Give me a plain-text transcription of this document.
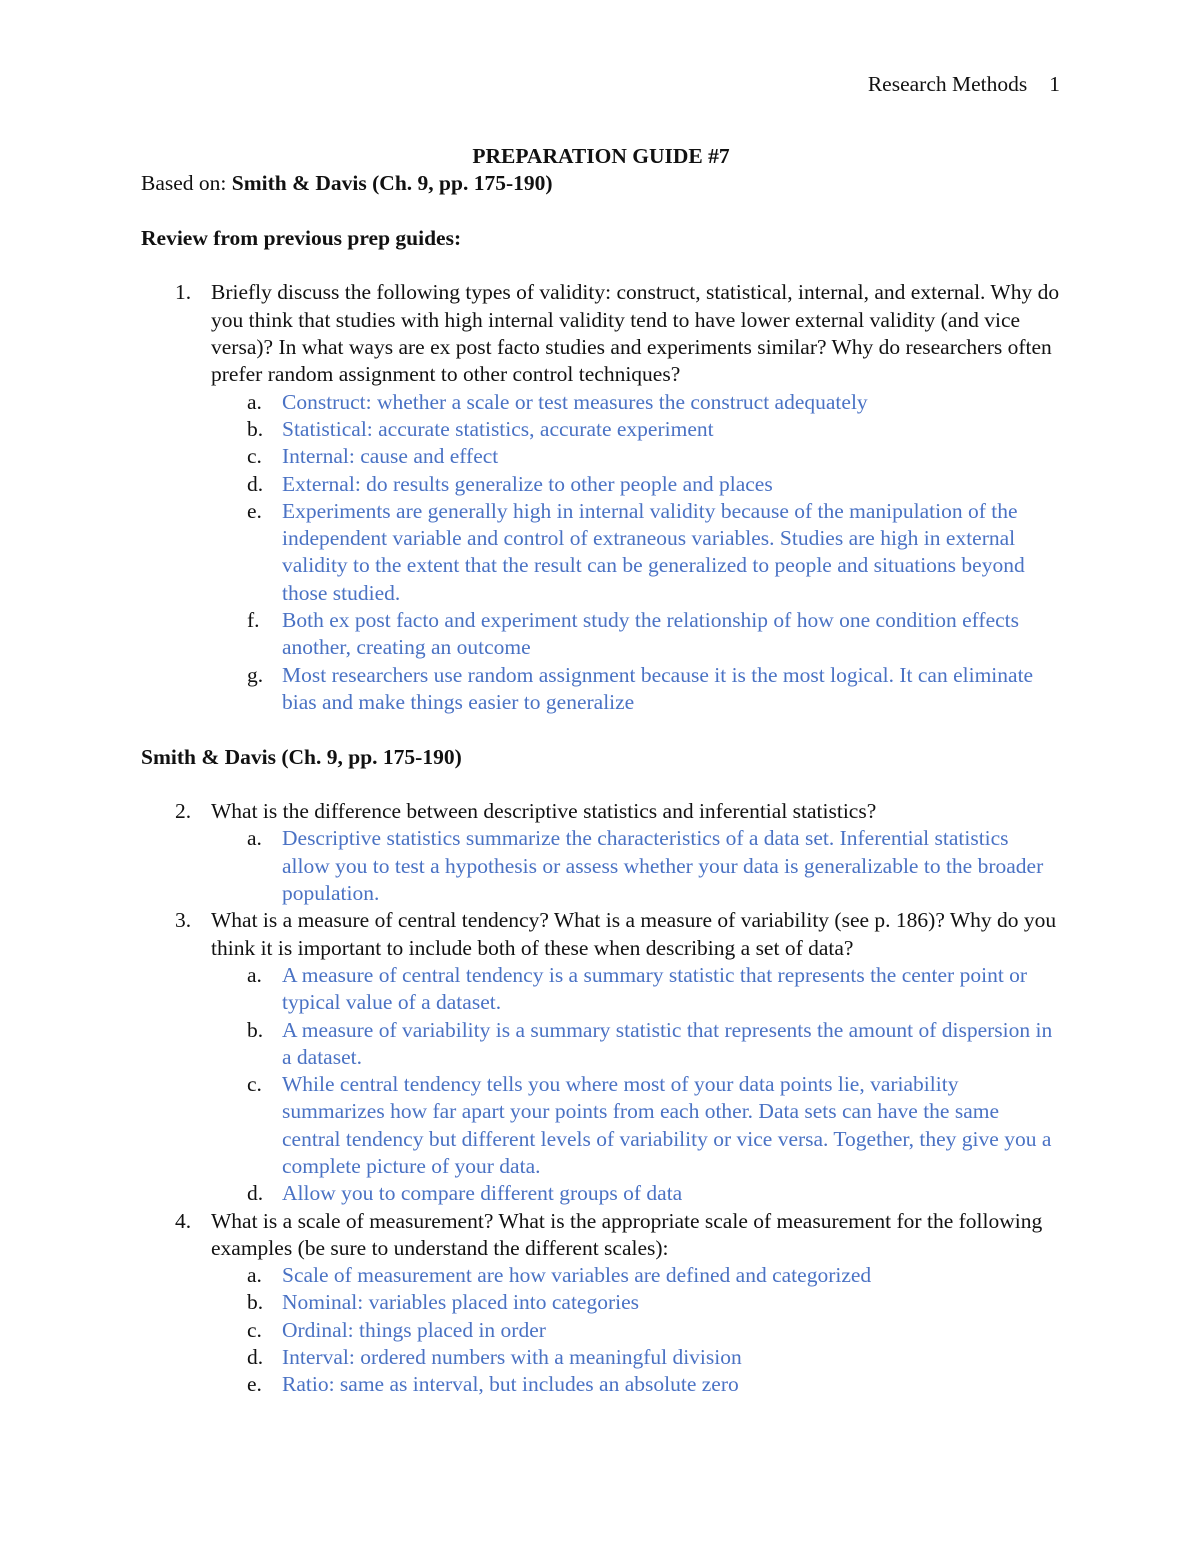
Research Methods 1
PREPARATION GUIDE #7
Based on: Smith & Davis (Ch. 9, pp. 175-190)
Review from previous prep guides:
1. Briefly discuss the following types of validity: construct, statistical, internal, and external. Why do you think that studies with high internal validity tend to have lower external validity (and vice versa)? In what ways are ex post facto studies and experiments similar? Why do researchers often prefer random assignment to other control techniques?
a. Construct: whether a scale or test measures the construct adequately
b. Statistical: accurate statistics, accurate experiment
c. Internal: cause and effect
d. External: do results generalize to other people and places
e. Experiments are generally high in internal validity because of the manipulation of the independent variable and control of extraneous variables. Studies are high in external validity to the extent that the result can be generalized to people and situations beyond those studied.
f. Both ex post facto and experiment study the relationship of how one condition effects another, creating an outcome
g. Most researchers use random assignment because it is the most logical. It can eliminate bias and make things easier to generalize
Smith & Davis (Ch. 9, pp. 175-190)
2. What is the difference between descriptive statistics and inferential statistics?
a. Descriptive statistics summarize the characteristics of a data set. Inferential statistics allow you to test a hypothesis or assess whether your data is generalizable to the broader population.
3. What is a measure of central tendency? What is a measure of variability (see p. 186)? Why do you think it is important to include both of these when describing a set of data?
a. A measure of central tendency is a summary statistic that represents the center point or typical value of a dataset.
b. A measure of variability is a summary statistic that represents the amount of dispersion in a dataset.
c. While central tendency tells you where most of your data points lie, variability summarizes how far apart your points from each other. Data sets can have the same central tendency but different levels of variability or vice versa. Together, they give you a complete picture of your data.
d. Allow you to compare different groups of data
4. What is a scale of measurement? What is the appropriate scale of measurement for the following examples (be sure to understand the different scales):
a. Scale of measurement are how variables are defined and categorized
b. Nominal: variables placed into categories
c. Ordinal: things placed in order
d. Interval: ordered numbers with a meaningful division
e. Ratio: same as interval, but includes an absolute zero
